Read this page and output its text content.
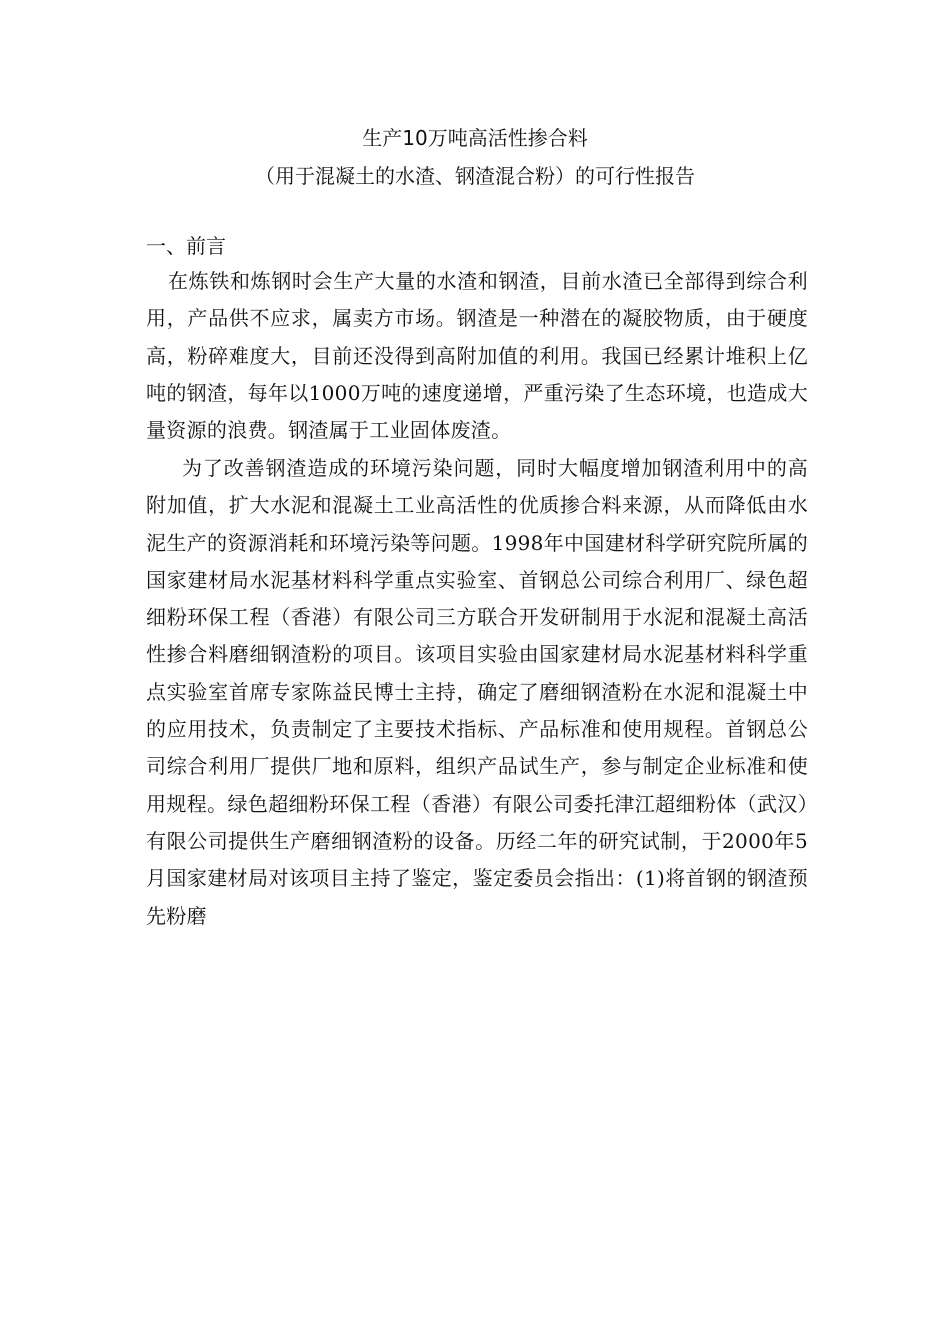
生产10万吨高活性掺合料
（用于混凝土的水渣、钢渣混合粉）的可行性报告
一、前言

在炼铁和炼钢时会生产大量的水渣和钢渣，目前水渣已全部得到综合利用，产品供不应求，属卖方市场。钢渣是一种潜在的凝胶物质，由于硬度高，粉碎难度大，目前还没得到高附加值的利用。我国已经累计堆积上亿吨的钢渣，每年以1000万吨的速度递增，严重污染了生态环境，也造成大量资源的浪费。钢渣属于工业固体废渣。

为了改善钢渣造成的环境污染问题，同时大幅度增加钢渣利用中的高附加值，扩大水泥和混凝土工业高活性的优质掺合料来源，从而降低由水泥生产的资源消耗和环境污染等问题。1998年中国建材科学研究院所属的国家建材局水泥基材料科学重点实验室、首钢总公司综合利用厂、绿色超细粉环保工程（香港）有限公司三方联合开发研制用于水泥和混凝土高活性掺合料磨细钢渣粉的项目。该项目实验由国家建材局水泥基材料科学重点实验室首席专家陈益民博士主持，确定了磨细钢渣粉在水泥和混凝土中的应用技术，负责制定了主要技术指标、产品标准和使用规程。首钢总公司综合利用厂提供厂地和原料，组织产品试生产，参与制定企业标准和使用规程。绿色超细粉环保工程（香港）有限公司委托津江超细粉体（武汉）有限公司提供生产磨细钢渣粉的设备。历经二年的研究试制，于2000年5月国家建材局对该项目主持了鉴定，鉴定委员会指出：(1)将首钢的钢渣预先粉磨
